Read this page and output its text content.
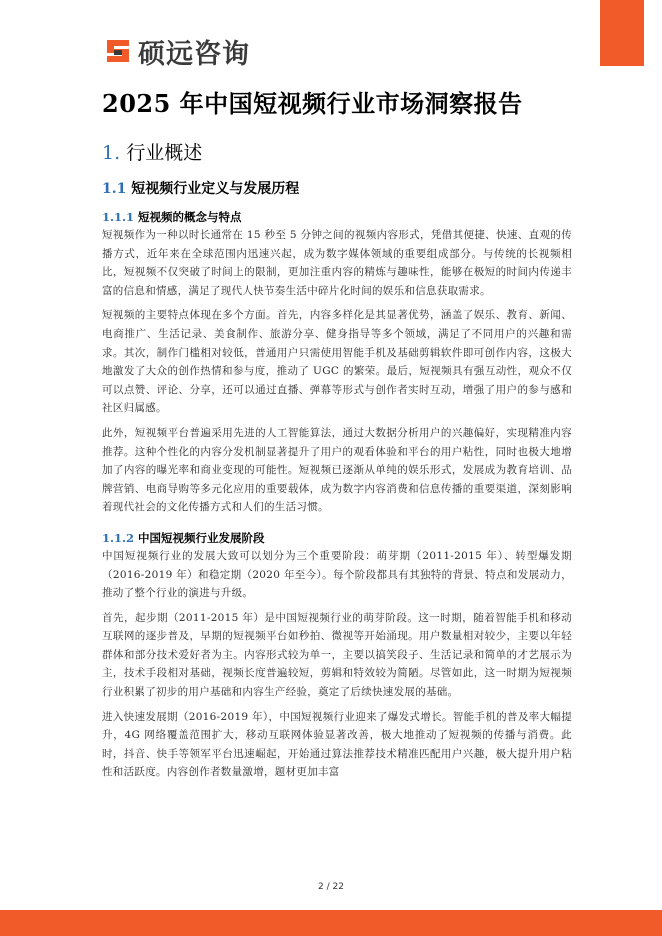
硕远咨询
2025 年中国短视频行业市场洞察报告
1. 行业概述
1.1 短视频行业定义与发展历程
1.1.1 短视频的概念与特点

短视频作为一种以时长通常在 15 秒至 5 分钟之间的视频内容形式，凭借其便捷、快速、直观的传播方式，近年来在全球范围内迅速兴起，成为数字媒体领域的重要组成部分。与传统的长视频相比，短视频不仅突破了时间上的限制，更加注重内容的精炼与趣味性，能够在极短的时间内传递丰富的信息和情感，满足了现代人快节奏生活中碎片化时间的娱乐和信息获取需求。

短视频的主要特点体现在多个方面。首先，内容多样化是其显著优势，涵盖了娱乐、教育、新闻、电商推广、生活记录、美食制作、旅游分享、健身指导等多个领域，满足了不同用户的兴趣和需求。其次，制作门槛相对较低，普通用户只需使用智能手机及基础剪辑软件即可创作内容，这极大地激发了大众的创作热情和参与度，推动了 UGC 的繁荣。最后，短视频具有强互动性，观众不仅可以点赞、评论、分享，还可以通过直播、弹幕等形式与创作者实时互动，增强了用户的参与感和社区归属感。

此外，短视频平台普遍采用先进的人工智能算法，通过大数据分析用户的兴趣偏好，实现精准内容推荐。这种个性化的内容分发机制显著提升了用户的观看体验和平台的用户粘性，同时也极大地增加了内容的曝光率和商业变现的可能性。短视频已逐渐从单纯的娱乐形式，发展成为教育培训、品牌营销、电商导购等多元化应用的重要载体，成为数字内容消费和信息传播的重要渠道，深刻影响着现代社会的文化传播方式和人们的生活习惯。

1.1.2 中国短视频行业发展阶段

中国短视频行业的发展大致可以划分为三个重要阶段：萌芽期（2011-2015 年）、转型爆发期（2016-2019 年）和稳定期（2020 年至今）。每个阶段都具有其独特的背景、特点和发展动力，推动了整个行业的演进与升级。

首先，起步期（2011-2015 年）是中国短视频行业的萌芽阶段。这一时期，随着智能手机和移动互联网的逐步普及，早期的短视频平台如秒拍、微视等开始涌现。用户数量相对较少，主要以年轻群体和部分技术爱好者为主。内容形式较为单一，主要以搞笑段子、生活记录和简单的才艺展示为主，技术手段相对基础，视频长度普遍较短，剪辑和特效较为简陋。尽管如此，这一时期为短视频行业积累了初步的用户基础和内容生产经验，奠定了后续快速发展的基础。

进入快速发展期（2016-2019 年），中国短视频行业迎来了爆发式增长。智能手机的普及率大幅提升，4G 网络覆盖范围扩大，移动互联网体验显著改善，极大地推动了短视频的传播与消费。此时，抖音、快手等领军平台迅速崛起，开始通过算法推荐技术精准匹配用户兴趣，极大提升用户粘性和活跃度。内容创作者数量激增，题材更加丰富

2 / 22
